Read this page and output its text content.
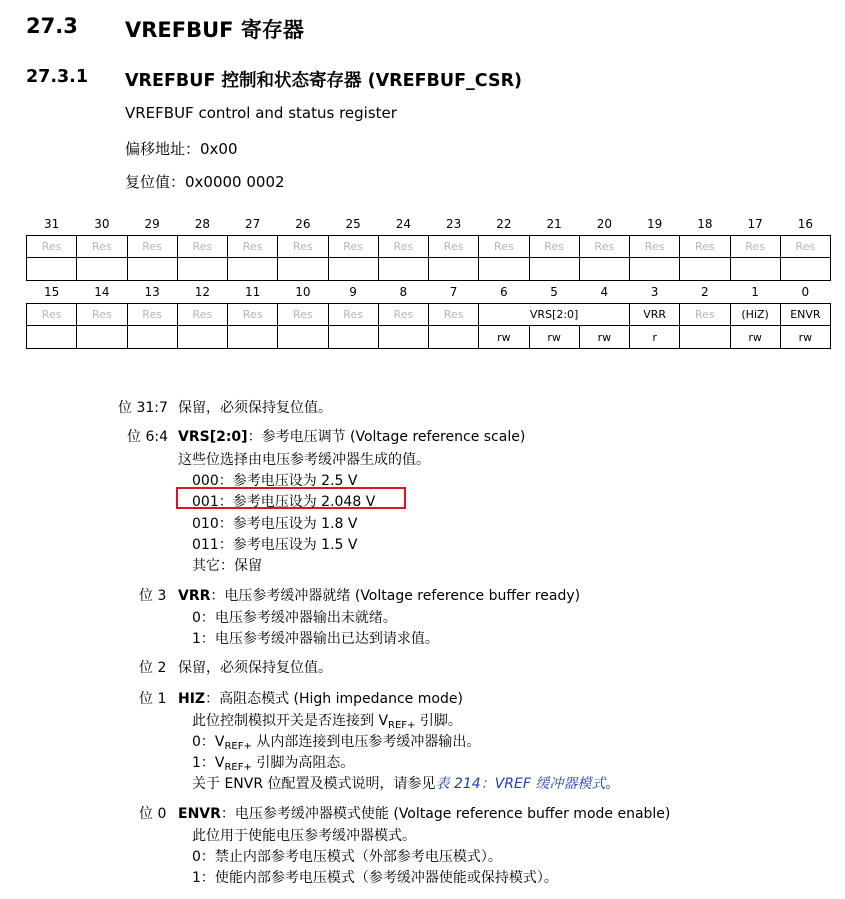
27.3 VREFBUF 寄存器
27.3.1 VREFBUF 控制和状态寄存器 (VREFBUF_CSR)
VREFBUF control and status register
偏移地址：0x00
复位值：0x0000 0002
31	30	29	28	27	26	25	24	23	22	21	20	19	18	17	16
Res	Res	Res	Res	Res	Res	Res	Res	Res	Res	Res	Res	Res	Res	Res	Res

15	14	13	12	11	10	9	8	7	6	5	4	3	2	1	0
Res	Res	Res	Res	Res	Res	Res	Res	Res	VRS[2:0]			VRR	Res	(HiZ)	ENVR
									rw	rw	rw	r		rw	rw
位 31:7 保留，必须保持复位值。
位 6:4 VRS[2:0]：参考电压调节 (Voltage reference scale)
这些位选择由电压参考缓冲器生成的值。
000：参考电压设为 2.5 V
001：参考电压设为 2.048 V
010：参考电压设为 1.8 V
011：参考电压设为 1.5 V
其它：保留
位 3 VRR：电压参考缓冲器就绪 (Voltage reference buffer ready)
0：电压参考缓冲器输出未就绪。
1：电压参考缓冲器输出已达到请求值。
位 2 保留，必须保持复位值。
位 1 HIZ：高阻态模式 (High impedance mode)
此位控制模拟开关是否连接到 $V_{REF+}$ 引脚。
0：$V_{REF+}$ 从内部连接到电压参考缓冲器输出。
1：$V_{REF+}$ 引脚为高阻态。
关于 ENVR 位配置及模式说明，请参见表 214：VREF 缓冲器模式。
位 0 ENVR：电压参考缓冲器模式使能 (Voltage reference buffer mode enable)
此位用于使能电压参考缓冲器模式。
0：禁止内部参考电压模式（外部参考电压模式）。
1：使能内部参考电压模式（参考缓冲器使能或保持模式）。
